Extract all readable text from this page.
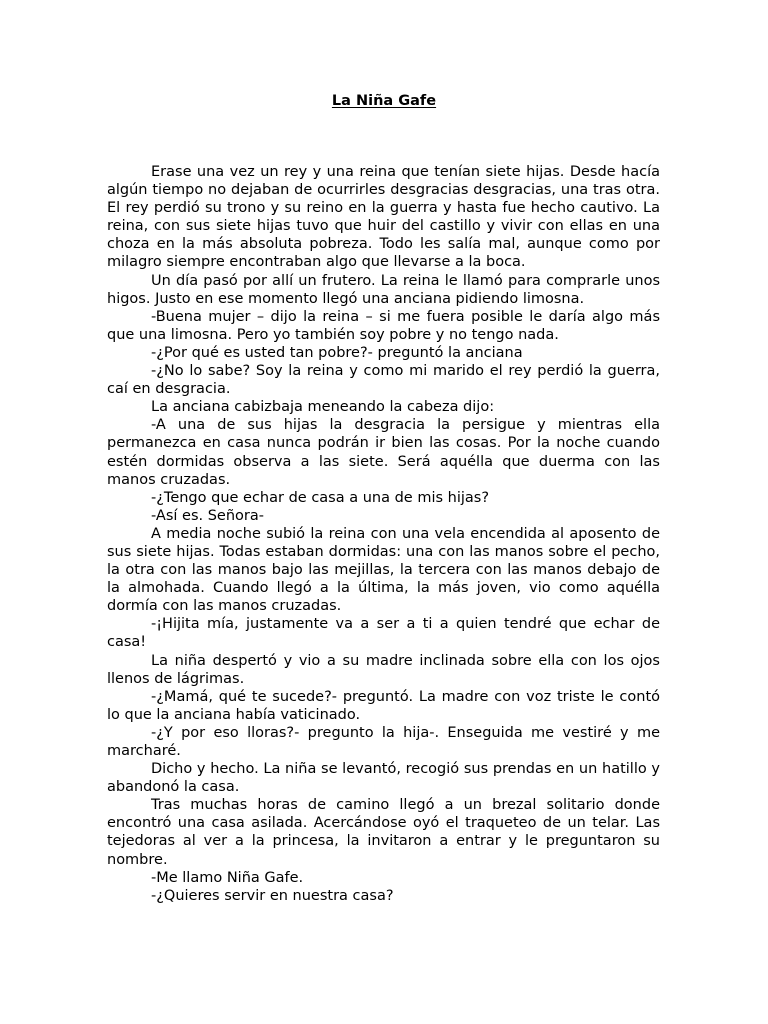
La Niña Gafe

Erase una vez un rey y una reina que tenían siete hijas. Desde hacía algún tiempo no dejaban de ocurrirles desgracias desgracias, una tras otra. El rey perdió su trono y su reino en la guerra y hasta fue hecho cautivo. La reina, con sus siete hijas tuvo que huir del castillo y vivir con ellas en una choza en la más absoluta pobreza. Todo les salía mal, aunque como por milagro siempre encontraban algo que llevarse a la boca.

Un día pasó por allí un frutero. La reina le llamó para comprarle unos higos. Justo en ese momento llegó una anciana pidiendo limosna.

-Buena mujer – dijo la reina – si me fuera posible le daría algo más que una limosna. Pero yo también soy pobre y no tengo nada.

-¿Por qué es usted tan pobre?- preguntó la anciana

-¿No lo sabe? Soy la reina y como mi marido el rey perdió la guerra, caí en desgracia.

La anciana cabizbaja meneando la cabeza dijo:

-A una de sus hijas la desgracia la persigue y mientras ella permanezca en casa nunca podrán ir bien las cosas. Por la noche cuando estén dormidas observa a las siete. Será aquélla que duerma con las manos cruzadas.

-¿Tengo que echar de casa a una de mis hijas?

-Así es. Señora-

A media noche subió la reina con una vela encendida al aposento de sus siete hijas. Todas estaban dormidas: una con las manos sobre el pecho, la otra con las manos bajo las mejillas, la tercera con las manos debajo de la almohada. Cuando llegó a la última, la más joven, vio como aquélla dormía con las manos cruzadas.

-¡Hijita mía, justamente va a ser a ti a quien tendré que echar de casa!

La niña despertó y vio a su madre inclinada sobre ella con los ojos llenos de lágrimas.

-¿Mamá, qué te sucede?- preguntó. La madre con voz triste le contó lo que la anciana había vaticinado.

-¿Y por eso lloras?- pregunto la hija-. Enseguida me vestiré y me marcharé.

Dicho y hecho. La niña se levantó, recogió sus prendas en un hatillo y abandonó la casa.

Tras muchas horas de camino llegó a un brezal solitario donde encontró una casa asilada. Acercándose oyó el traqueteo de un telar. Las tejedoras al ver a la princesa, la invitaron a entrar y le preguntaron su nombre.

-Me llamo Niña Gafe.

-¿Quieres servir en nuestra casa?
